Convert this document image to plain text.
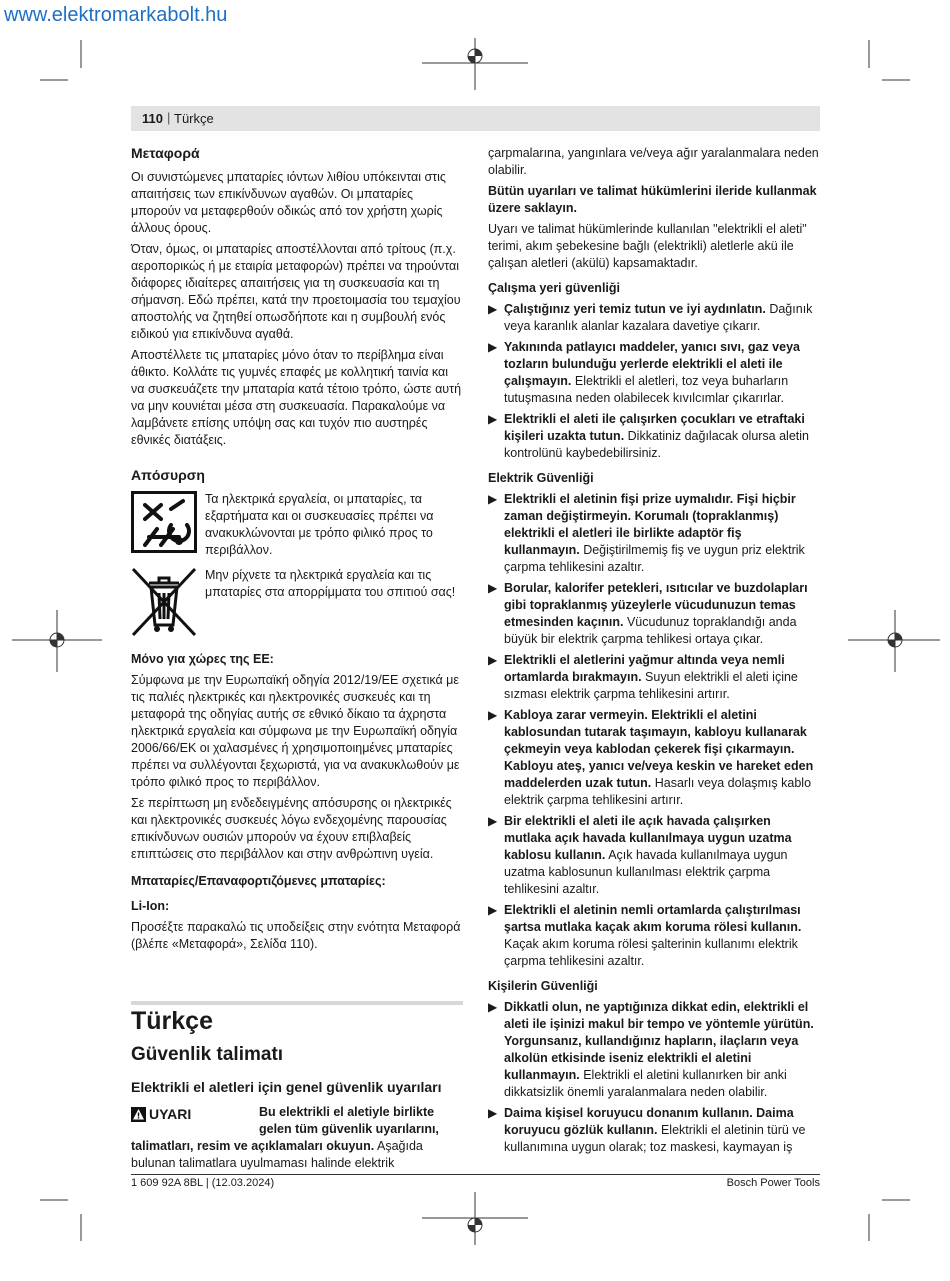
www.elektromarkabolt.hu
110 | Türkçe
Μεταφορά

Οι συνιστώμενες μπαταρίες ιόντων λιθίου υπόκεινται στις απαιτήσεις των επικίνδυνων αγαθών. Οι μπαταρίες μπορούν να μεταφερθούν οδικώς από τον χρήστη χωρίς άλλους όρους.

Όταν, όμως, οι μπαταρίες αποστέλλονται από τρίτους (π.χ. αεροπορικώς ή με εταιρία μεταφορών) πρέπει να τηρούνται διάφορες ιδιαίτερες απαιτήσεις για τη συσκευασία και τη σήμανση. Εδώ πρέπει, κατά την προετοιμασία του τεμαχίου αποστολής να ζητηθεί οπωσδήποτε και η συμβουλή ενός ειδικού για επικίνδυνα αγαθά.

Αποστέλλετε τις μπαταρίες μόνο όταν το περίβλημα είναι άθικτο. Κολλάτε τις γυμνές επαφές με κολλητική ταινία και να συσκευάζετε την μπαταρία κατά τέτοιο τρόπο, ώστε αυτή να μην κουνιέται μέσα στη συσκευασία. Παρακαλούμε να λαμβάνετε επίσης υπόψη σας και τυχόν πιο αυστηρές εθνικές διατάξεις.

Απόσυρση

Τα ηλεκτρικά εργαλεία, οι μπαταρίες, τα εξαρτήματα και οι συσκευασίες πρέπει να ανακυκλώνονται με τρόπο φιλικό προς το περιβάλλον.

Μην ρίχνετε τα ηλεκτρικά εργαλεία και τις μπαταρίες στα απορρίμματα του σπιτιού σας!

Μόνο για χώρες της ΕΕ:

Σύμφωνα με την Ευρωπαϊκή οδηγία 2012/19/ΕΕ σχετικά με τις παλιές ηλεκτρικές και ηλεκτρονικές συσκευές και τη μεταφορά της οδηγίας αυτής σε εθνικό δίκαιο τα άχρηστα ηλεκτρικά εργαλεία και σύμφωνα με την Ευρωπαϊκή οδηγία 2006/66/ΕΚ οι χαλασμένες ή χρησιμοποιημένες μπαταρίες πρέπει να συλλέγονται ξεχωριστά, για να ανακυκλωθούν με τρόπο φιλικό προς το περιβάλλον.

Σε περίπτωση μη ενδεδειγμένης απόσυρσης οι ηλεκτρικές και ηλεκτρονικές συσκευές λόγω ενδεχομένης παρουσίας επικίνδυνων ουσιών μπορούν να έχουν επιβλαβείς επιπτώσεις στο περιβάλλον και στην ανθρώπινη υγεία.

Μπαταρίες/Επαναφορτιζόμενες μπαταρίες:
Li-Ion:

Προσέξτε παρακαλώ τις υποδείξεις στην ενότητα Μεταφορά (βλέπε «Μεταφορά», Σελίδα 110).

Türkçe
Güvenlik talimatı
Elektrikli el aletleri için genel güvenlik uyarıları
UYARI	Bu elektrikli el aletiyle birlikte gelen tüm güvenlik uyarılarını, talimatları, resim ve açıklamaları okuyun. Aşağıda bulunan talimatlara uyulmaması halinde elektrik

çarpmalarına, yangınlara ve/veya ağır yaralanmalara neden olabilir.

Bütün uyarıları ve talimat hükümlerini ileride kullanmak üzere saklayın.

Uyarı ve talimat hükümlerinde kullanılan "elektrikli el aleti" terimi, akım şebekesine bağlı (elektrikli) aletlerle akü ile çalışan aletleri (akülü) kapsamaktadır.

Çalışma yeri güvenliği
▶ Çalıştığınız yeri temiz tutun ve iyi aydınlatın. Dağınık veya karanlık alanlar kazalara davetiye çıkarır.
▶ Yakınında patlayıcı maddeler, yanıcı sıvı, gaz veya tozların bulunduğu yerlerde elektrikli el aleti ile çalışmayın. Elektrikli el aletleri, toz veya buharların tutuşmasına neden olabilecek kıvılcımlar çıkarırlar.
▶ Elektrikli el aleti ile çalışırken çocukları ve etraftaki kişileri uzakta tutun. Dikkatiniz dağılacak olursa aletin kontrolünü kaybedebilirsiniz.
Elektrik Güvenliği
▶ Elektrikli el aletinin fişi prize uymalıdır. Fişi hiçbir zaman değiştirmeyin. Korumalı (topraklanmış) elektrikli el aletleri ile birlikte adaptör fiş kullanmayın. Değiştirilmemiş fiş ve uygun priz elektrik çarpma tehlikesini azaltır.
▶ Borular, kalorifer petekleri, ısıtıcılar ve buzdolapları gibi topraklanmış yüzeylerle vücudunuzun temas etmesinden kaçının. Vücudunuz topraklandığı anda büyük bir elektrik çarpma tehlikesi ortaya çıkar.
▶ Elektrikli el aletlerini yağmur altında veya nemli ortamlarda bırakmayın. Suyun elektrikli el aleti içine sızması elektrik çarpma tehlikesini artırır.
▶ Kabloya zarar vermeyin. Elektrikli el aletini kablosundan tutarak taşımayın, kabloyu kullanarak çekmeyin veya kablodan çekerek fişi çıkarmayın. Kabloyu ateş, yanıcı ve/veya keskin ve hareket eden maddelerden uzak tutun. Hasarlı veya dolaşmış kablo elektrik çarpma tehlikesini artırır.
▶ Bir elektrikli el aleti ile açık havada çalışırken mutlaka açık havada kullanılmaya uygun uzatma kablosu kullanın. Açık havada kullanılmaya uygun uzatma kablosunun kullanılması elektrik çarpma tehlikesini azaltır.
▶ Elektrikli el aletinin nemli ortamlarda çalıştırılması şartsa mutlaka kaçak akım koruma rölesi kullanın. Kaçak akım koruma rölesi şalterinin kullanımı elektrik çarpma tehlikesini azaltır.
Kişilerin Güvenliği
▶ Dikkatli olun, ne yaptığınıza dikkat edin, elektrikli el aleti ile işinizi makul bir tempo ve yöntemle yürütün. Yorgunsanız, kullandığınız hapların, ilaçların veya alkolün etkisinde iseniz elektrikli el aletini kullanmayın. Elektrikli el aletini kullanırken bir anki dikkatsizlik önemli yaralanmalara neden olabilir.
▶ Daima kişisel koruyucu donanım kullanın. Daima koruyucu gözlük kullanın. Elektrikli el aletinin türü ve kullanımına uygun olarak; toz maskesi, kaymayan iş
1 609 92A 8BL | (12.03.2024)	Bosch Power Tools
